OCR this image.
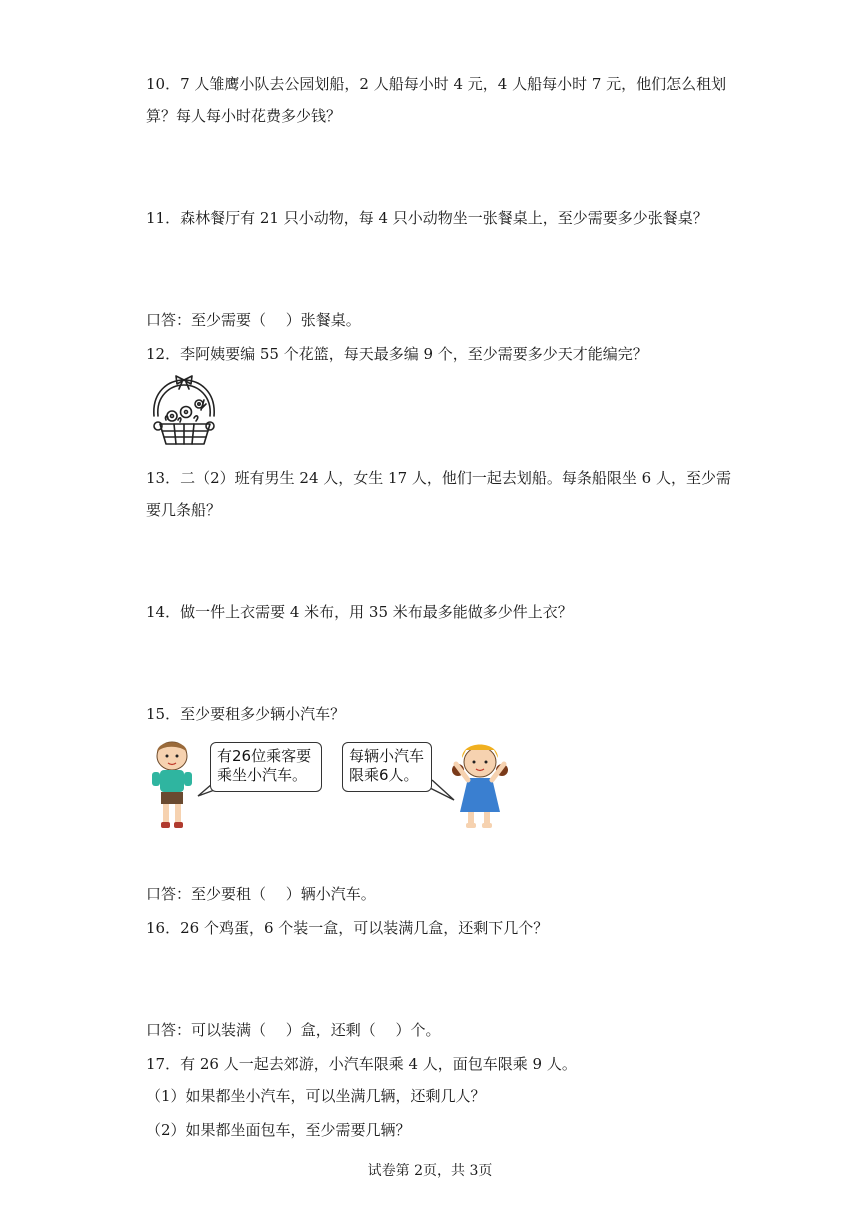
10．7 人雏鹰小队去公园划船，2 人船每小时 4 元，4 人船每小时 7 元，他们怎么租划

算？每人每小时花费多少钱？

11．森林餐厅有 21 只小动物，每 4 只小动物坐一张餐桌上，至少需要多少张餐桌？

口答：至少需要（　 ）张餐桌。

12．李阿姨要编 55 个花篮，每天最多编 9 个，至少需要多少天才能编完？

13．二（2）班有男生 24 人，女生 17 人，他们一起去划船。每条船限坐 6 人，至少需

要几条船？

14．做一件上衣需要 4 米布，用 35 米布最多能做多少件上衣？

15．至少要租多少辆小汽车？

有26位乘客要
乘坐小汽车。
每辆小汽车
限乘6人。

口答：至少要租（　 ）辆小汽车。

16．26 个鸡蛋，6 个装一盒，可以装满几盒，还剩下几个？

口答：可以装满（　 ）盒，还剩（　 ）个。

17．有 26 人一起去郊游，小汽车限乘 4 人，面包车限乘 9 人。

（1）如果都坐小汽车，可以坐满几辆，还剩几人？

（2）如果都坐面包车，至少需要几辆？

试卷第 2页，共 3页
